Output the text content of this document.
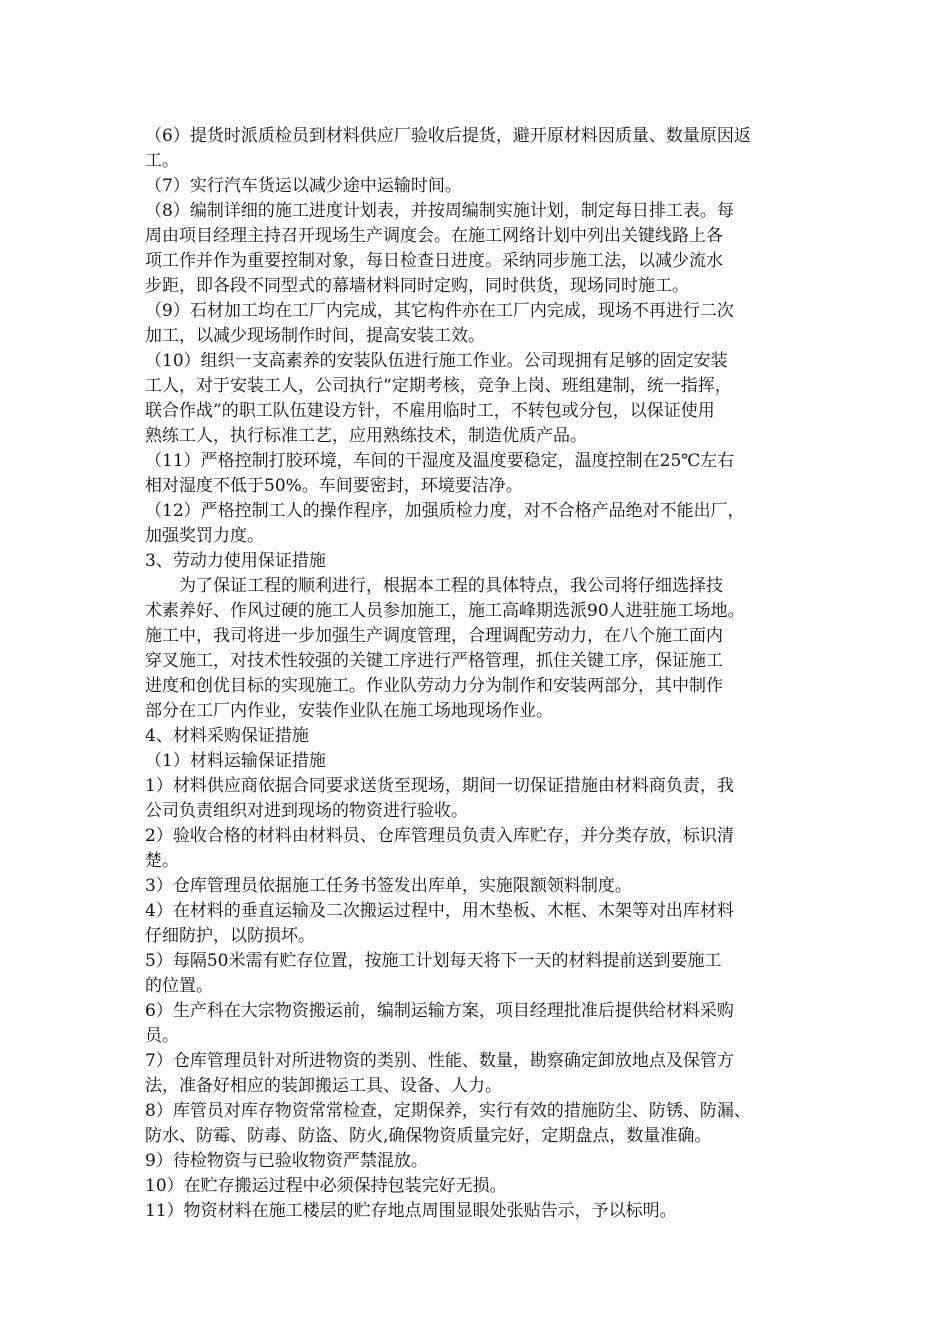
（6）提货时派质检员到材料供应厂验收后提货，避开原材料因质量、数量原因返
工。
（7）实行汽车货运以减少途中运输时间。
（8）编制详细的施工进度计划表，并按周编制实施计划，制定每日排工表。每
周由项目经理主持召开现场生产调度会。在施工网络计划中列出关键线路上各
项工作并作为重要控制对象，每日检查日进度。采纳同步施工法，以减少流水
步距，即各段不同型式的幕墙材料同时定购，同时供货，现场同时施工。
（9）石材加工均在工厂内完成，其它构件亦在工厂内完成，现场不再进行二次
加工，以减少现场制作时间，提高安装工效。
（10）组织一支高素养的安装队伍进行施工作业。公司现拥有足够的固定安装
工人，对于安装工人，公司执行“定期考核，竞争上岗、班组建制，统一指挥，
联合作战”的职工队伍建设方针，不雇用临时工，不转包或分包，以保证使用
熟练工人，执行标准工艺，应用熟练技术，制造优质产品。
（11）严格控制打胶环境，车间的干湿度及温度要稳定，温度控制在25℃左右
相对湿度不低于50%。车间要密封，环境要洁净。
（12）严格控制工人的操作程序，加强质检力度，对不合格产品绝对不能出厂，
加强奖罚力度。
3、劳动力使用保证措施
为了保证工程的顺利进行，根据本工程的具体特点，我公司将仔细选择技
术素养好、作风过硬的施工人员参加施工，施工高峰期选派90人进驻施工场地。
施工中，我司将进一步加强生产调度管理，合理调配劳动力，在八个施工面内
穿叉施工，对技术性较强的关键工序进行严格管理，抓住关键工序，保证施工
进度和创优目标的实现施工。作业队劳动力分为制作和安装两部分，其中制作
部分在工厂内作业，安装作业队在施工场地现场作业。
4、材料采购保证措施
（1）材料运输保证措施
1）材料供应商依据合同要求送货至现场，期间一切保证措施由材料商负责，我
公司负责组织对进到现场的物资进行验收。
2）验收合格的材料由材料员、仓库管理员负责入库贮存，并分类存放，标识清
楚。
3）仓库管理员依据施工任务书签发出库单，实施限额领料制度。
4）在材料的垂直运输及二次搬运过程中，用木垫板、木框、木架等对出库材料
仔细防护，以防损坏。
5）每隔50米需有贮存位置，按施工计划每天将下一天的材料提前送到要施工
的位置。
6）生产科在大宗物资搬运前，编制运输方案，项目经理批准后提供给材料采购
员。
7）仓库管理员针对所进物资的类别、性能、数量，勘察确定卸放地点及保管方
法，准备好相应的装卸搬运工具、设备、人力。
8）库管员对库存物资常常检查，定期保养，实行有效的措施防尘、防锈、防漏、
防水、防霉、防毒、防盗、防火,确保物资质量完好，定期盘点，数量准确。
9）待检物资与已验收物资严禁混放。
10）在贮存搬运过程中必须保持包装完好无损。
11）物资材料在施工楼层的贮存地点周围显眼处张贴告示，予以标明。
